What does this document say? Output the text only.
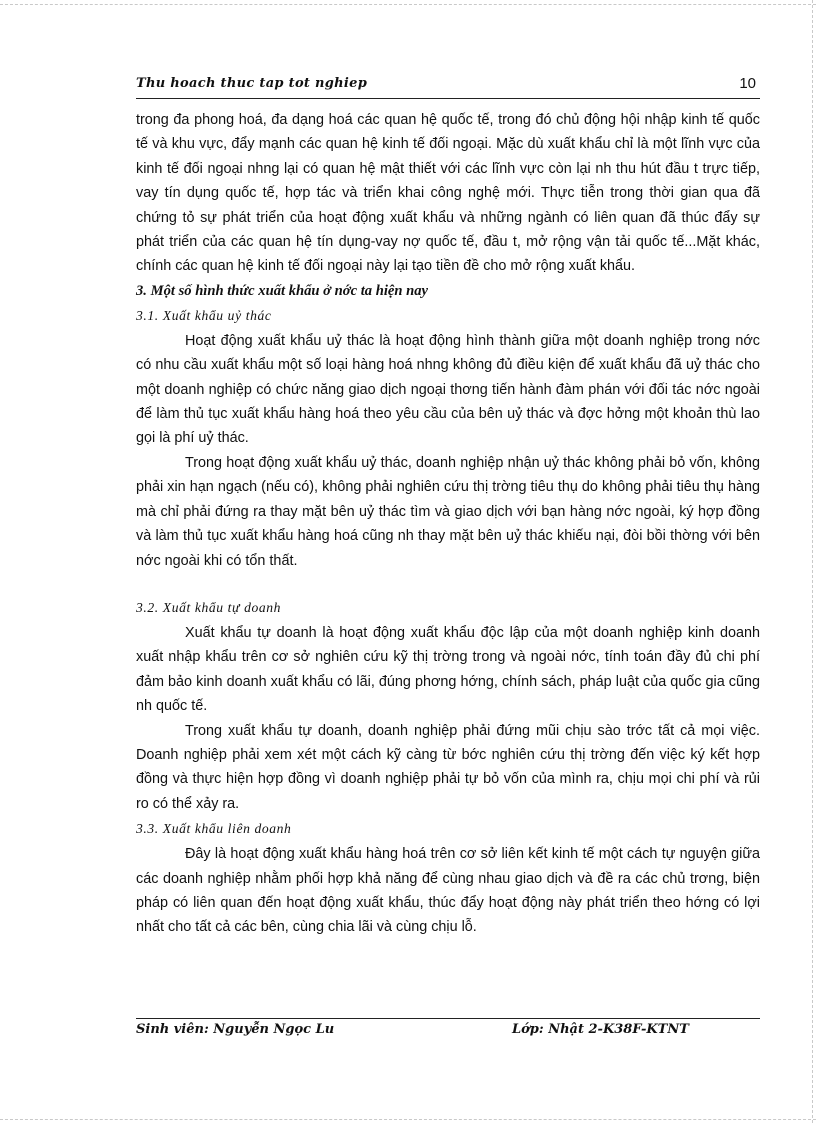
Thu hoach thuc tap tot nghiep	10

trong đa phong hoá, đa dạng hoá các quan hệ quốc tế, trong đó chủ động hội nhập kinh tế quốc tế và khu vực, đẩy mạnh các quan hệ kinh tế đối ngoại. Mặc dù xuất khẩu chỉ là một lĩnh vực của kinh tế đối ngoại nhng lại có quan hệ mật thiết với các lĩnh vực còn lại nh thu hút đầu t trực tiếp, vay tín dụng quốc tế, hợp tác và triển khai công nghệ mới. Thực tiễn trong thời gian qua đã chứng tỏ sự phát triển của hoạt động xuất khẩu và những ngành có liên quan đã thúc đẩy sự phát triển của các quan hệ tín dụng-vay nợ quốc tế, đầu t, mở rộng vận tải quốc tế...Mặt khác, chính các quan hệ kinh tế đối ngoại này lại tạo tiền đề cho mở rộng xuất khẩu.

3. Một số hình thức xuất khẩu ở nớc ta hiện nay

3.1. Xuất khẩu uỷ thác

Hoạt động xuất khẩu uỷ thác là hoạt động hình thành giữa một doanh nghiệp trong nớc có nhu cầu xuất khẩu một số loại hàng hoá nhng không đủ điều kiện để xuất khẩu đã uỷ thác cho một doanh nghiệp có chức năng giao dịch ngoại thơng tiến hành đàm phán với đối tác nớc ngoài để làm thủ tục xuất khẩu hàng hoá theo yêu cầu của bên uỷ thác và đợc hởng một khoản thù lao gọi là phí uỷ thác.

Trong hoạt động xuất khẩu uỷ thác, doanh nghiệp nhận uỷ thác không phải bỏ vốn, không phải xin hạn ngạch (nếu có), không phải nghiên cứu thị trờng tiêu thụ do không phải tiêu thụ hàng mà chỉ phải đứng ra thay mặt bên uỷ thác tìm và giao dịch với bạn hàng nớc ngoài, ký hợp đồng và làm thủ tục xuất khẩu hàng hoá cũng nh thay mặt bên uỷ thác khiếu nại, đòi bồi thờng với bên nớc ngoài khi có tổn thất.

3.2. Xuất khẩu tự doanh

Xuất khẩu tự doanh là hoạt động xuất khẩu độc lập của một doanh nghiệp kinh doanh xuất nhập khẩu trên cơ sở nghiên cứu kỹ thị trờng trong và ngoài nớc, tính toán đầy đủ chi phí đảm bảo kinh doanh xuất khẩu có lãi, đúng phơng hớng, chính sách, pháp luật của quốc gia cũng nh quốc tế.

Trong xuất khẩu tự doanh, doanh nghiệp phải đứng mũi chịu sào trớc tất cả mọi việc. Doanh nghiệp phải xem xét một cách kỹ càng từ bớc nghiên cứu thị trờng đến việc ký kết hợp đồng và thực hiện hợp đồng vì doanh nghiệp phải tự bỏ vốn của mình ra, chịu mọi chi phí và rủi ro có thể xảy ra.

3.3. Xuất khẩu liên doanh

Đây là hoạt động xuất khẩu hàng hoá trên cơ sở liên kết kinh tế một cách tự nguyện giữa các doanh nghiệp nhằm phối hợp khả năng để cùng nhau giao dịch và đề ra các chủ trơng, biện pháp có liên quan đến hoạt động xuất khẩu, thúc đẩy hoạt động này phát triển theo hớng có lợi nhất cho tất cả các bên, cùng chia lãi và cùng chịu lỗ.

Sinh viên: Nguyễn Ngọc Lu	Lớp: Nhật 2-K38F-KTNT
